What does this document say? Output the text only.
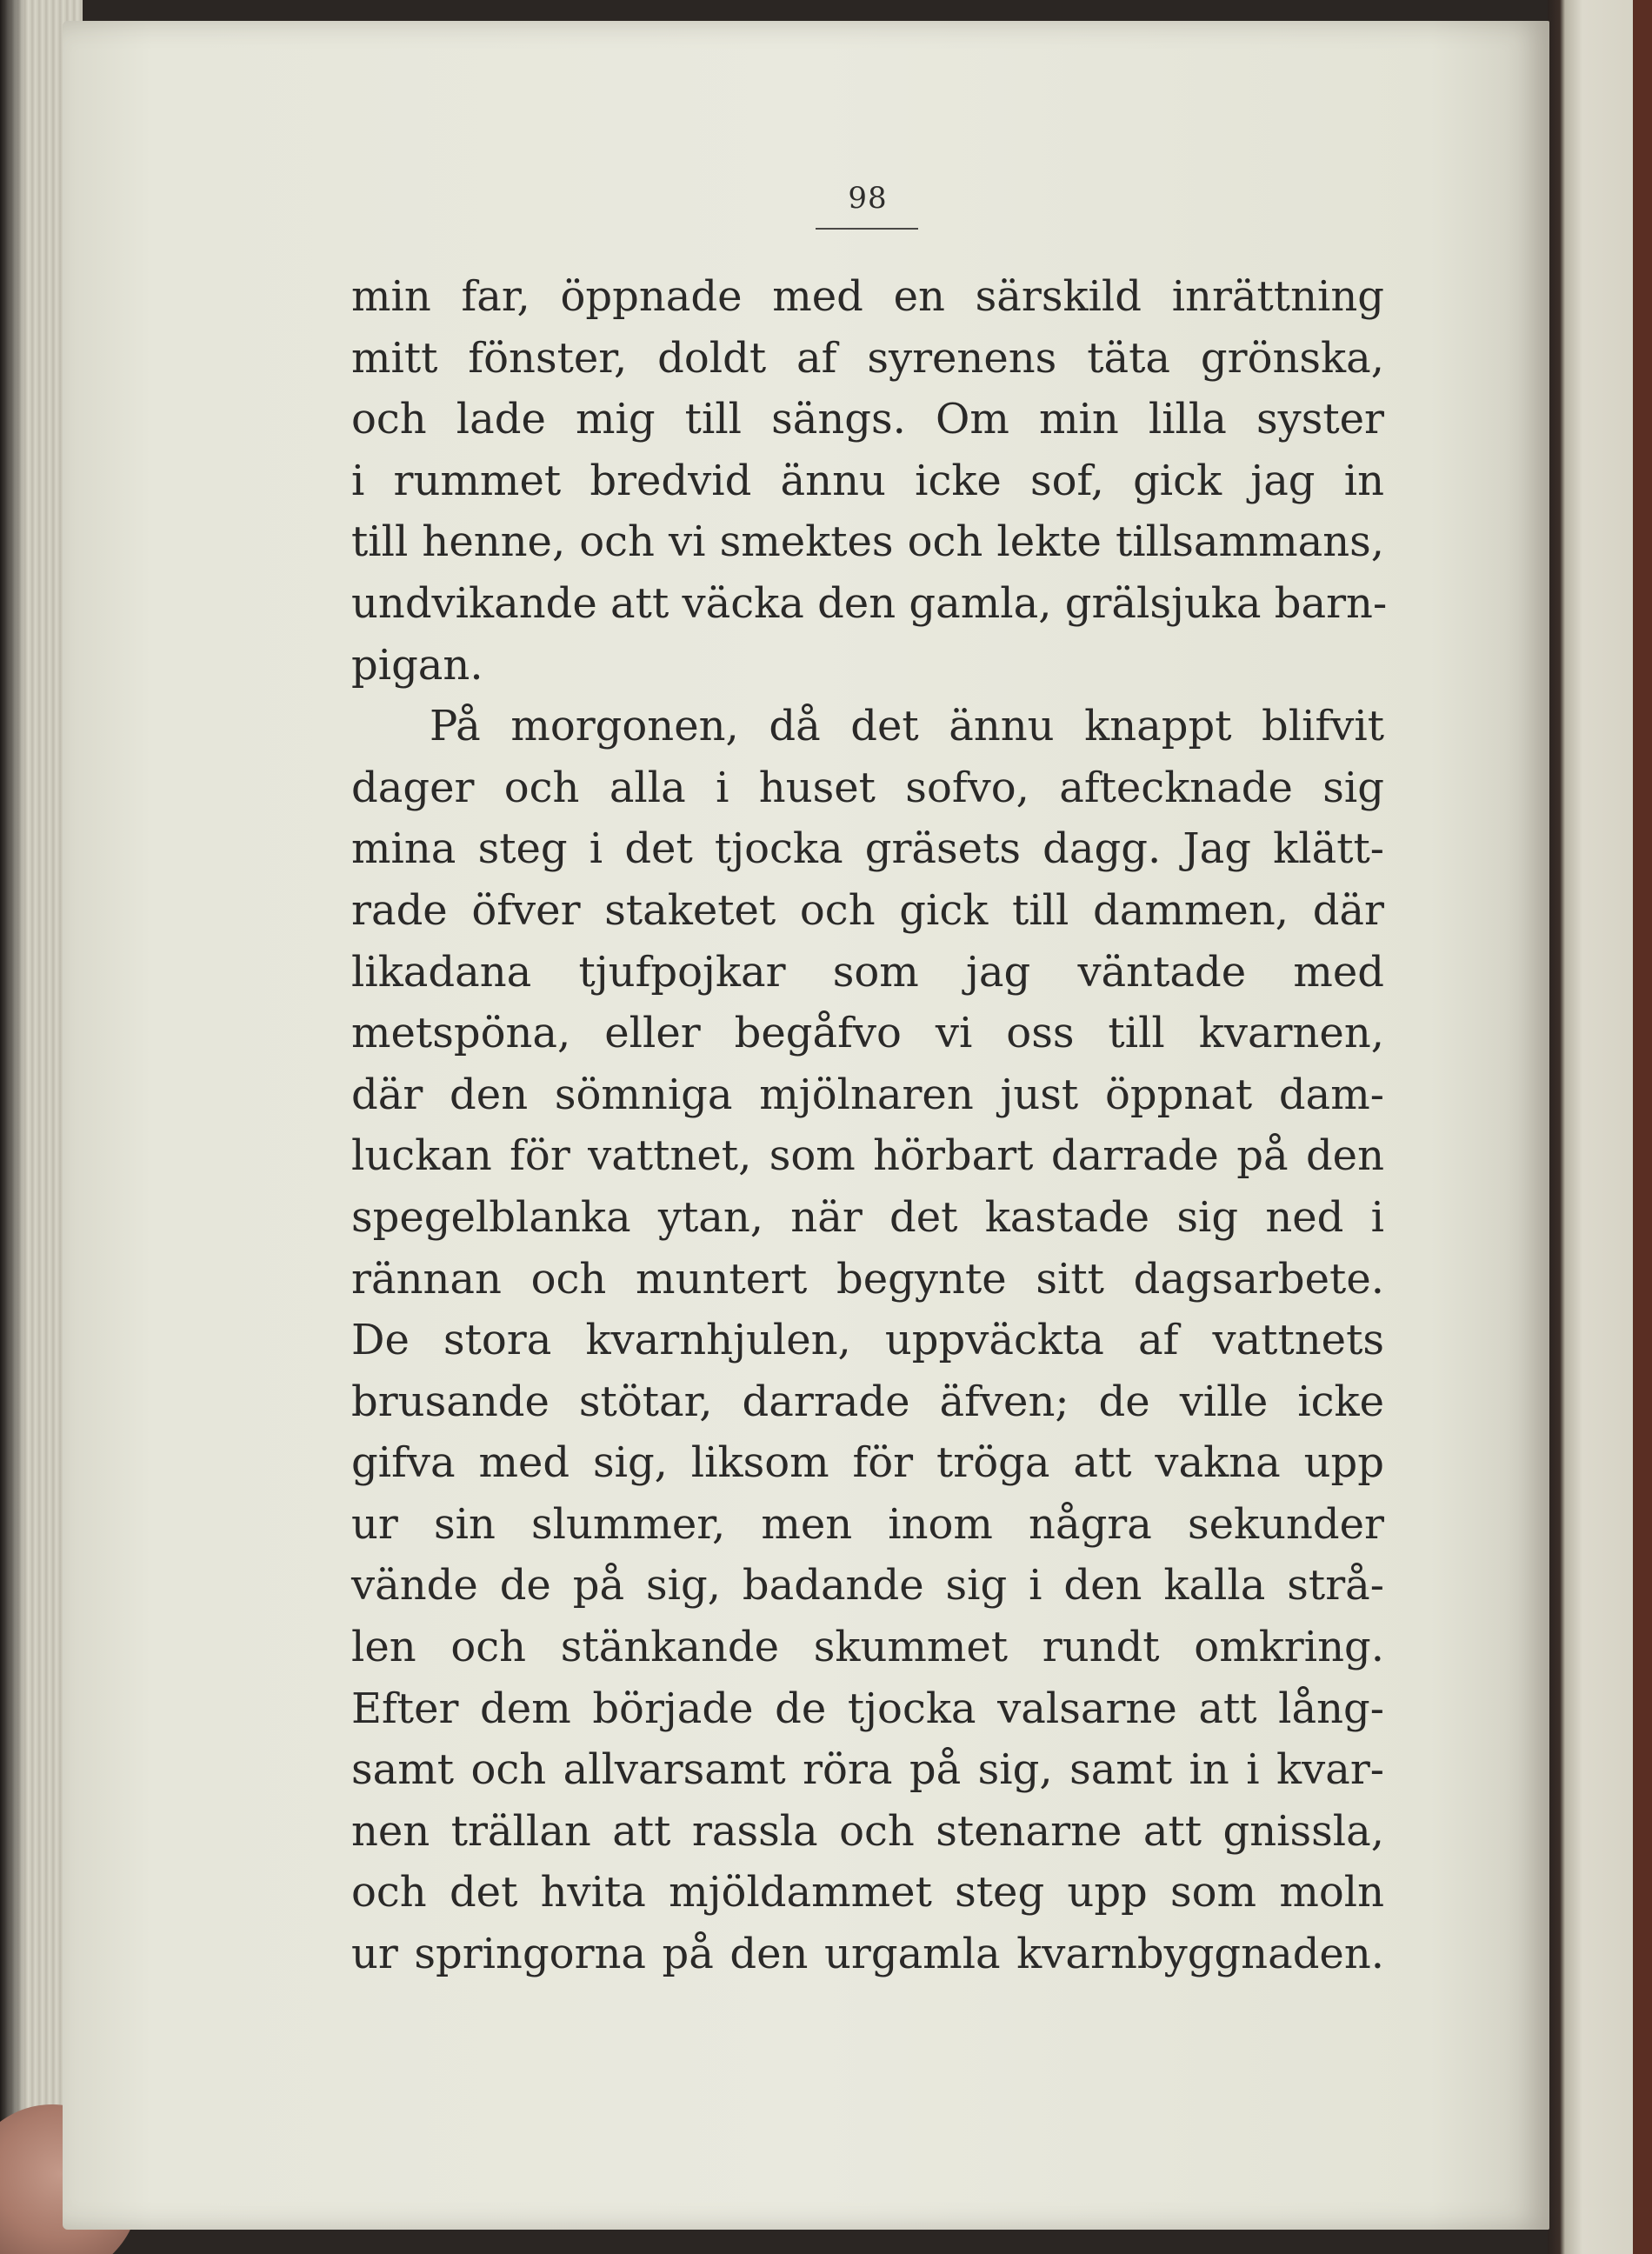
98
min far, öppnade med en särskild inrättning
mitt fönster, doldt af syrenens täta grönska,
och lade mig till sängs. Om min lilla syster
i rummet bredvid ännu icke sof, gick jag in
till henne, och vi smektes och lekte tillsammans,
undvikande att väcka den gamla, grälsjuka barn-
pigan.
På morgonen, då det ännu knappt blifvit
dager och alla i huset sofvo, aftecknade sig
mina steg i det tjocka gräsets dagg. Jag klätt-
rade öfver staketet och gick till dammen, där
likadana tjufpojkar som jag väntade med
metspöna, eller begåfvo vi oss till kvarnen,
där den sömniga mjölnaren just öppnat dam-
luckan för vattnet, som hörbart darrade på den
spegelblanka ytan, när det kastade sig ned i
rännan och muntert begynte sitt dagsarbete.
De stora kvarnhjulen, uppväckta af vattnets
brusande stötar, darrade äfven; de ville icke
gifva med sig, liksom för tröga att vakna upp
ur sin slummer, men inom några sekunder
vände de på sig, badande sig i den kalla strå-
len och stänkande skummet rundt omkring.
Efter dem började de tjocka valsarne att lång-
samt och allvarsamt röra på sig, samt in i kvar-
nen trällan att rassla och stenarne att gnissla,
och det hvita mjöldammet steg upp som moln
ur springorna på den urgamla kvarnbyggnaden.
